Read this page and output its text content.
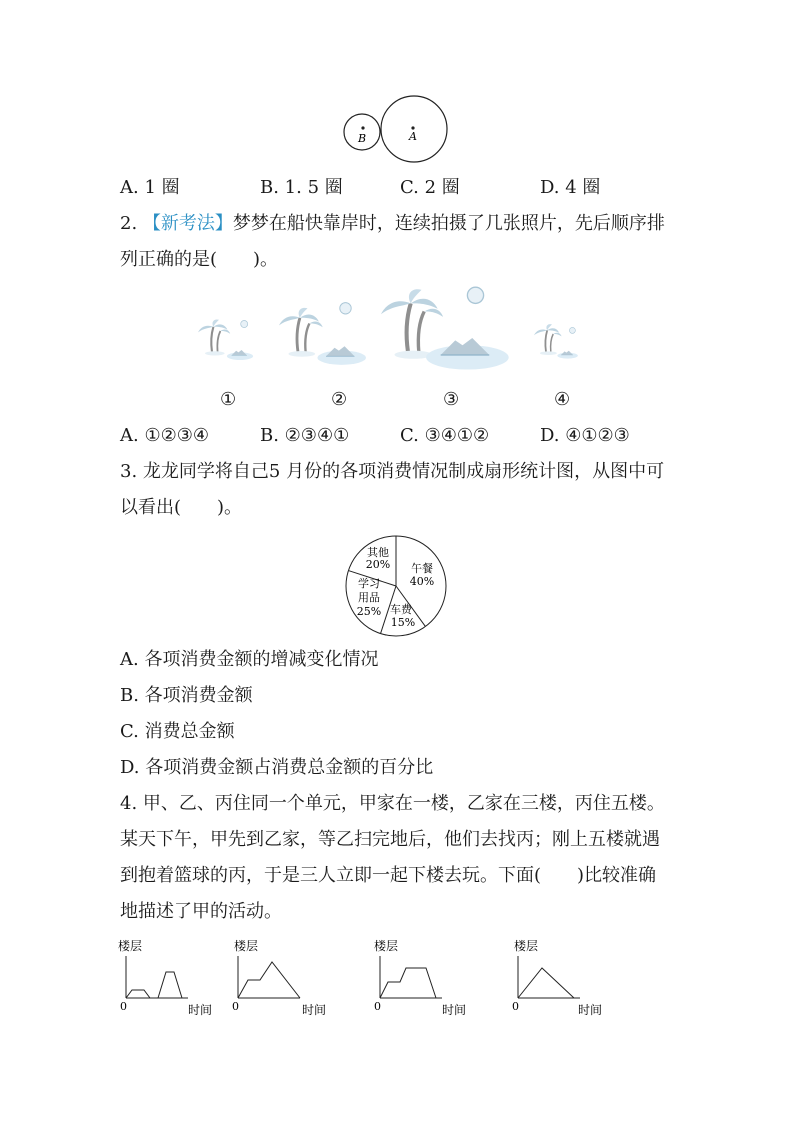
B	A
A. 1 圈	B. 1. 5 圈	C. 2 圈	D. 4 圈
2. 【新考法】梦梦在船快靠岸时，连续拍摄了几张照片，先后顺序排
列正确的是(　　)。
①	②	③	④
A. ①②③④	B. ②③④①	C. ③④①②	D. ④①②③
3. 龙龙同学将自己5 月份的各项消费情况制成扇形统计图，从图中可
以看出(　　)。
其他
20% 午餐
40%
车费
15%
学习
用品
25%
A. 各项消费金额的增减变化情况
B. 各项消费金额
C. 消费总金额
D. 各项消费金额占消费总金额的百分比
4. 甲、乙、丙住同一个单元，甲家在一楼，乙家在三楼，丙住五楼。
某天下午，甲先到乙家，等乙扫完地后，他们去找丙；刚上五楼就遇
到抱着篮球的丙，于是三人立即一起下楼去玩。下面(　　)比较准确
地描述了甲的活动。
楼层
0	时间
楼层
0	时间
楼层
0	时间
楼层
0	时间
